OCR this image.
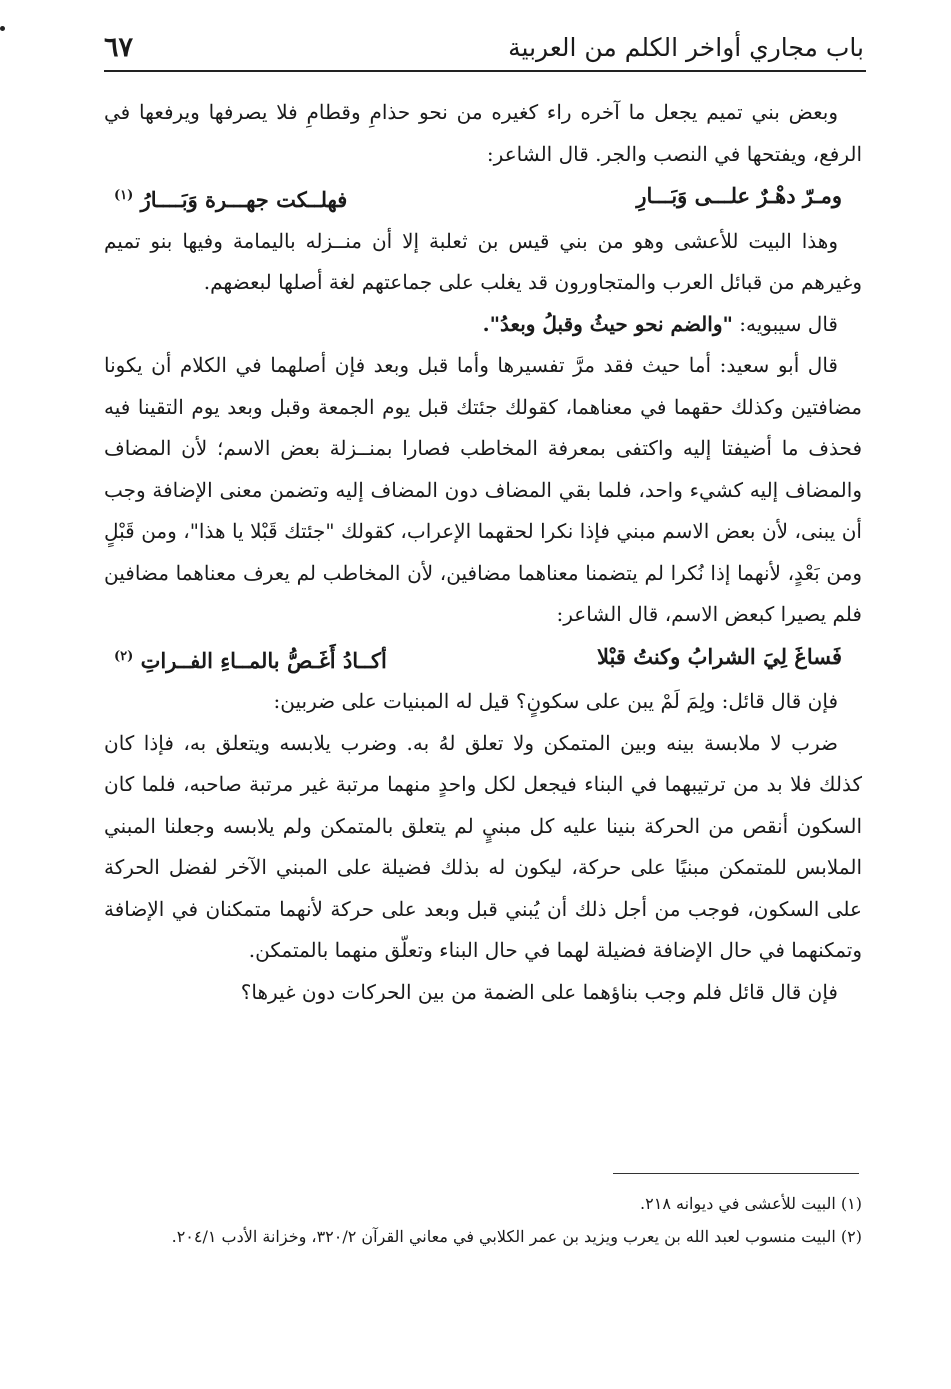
باب مجاري أواخر الكلم من العربية
٦٧

وبعض بني تميم يجعل ما آخره راء كغيره من نحو حذامِ وقطامِ فلا يصرفها ويرفعها في الرفع، ويفتحها في النصب والجر. قال الشاعر:

ومـرّ دهْـرٌ علـــى وَبَـــارِ
فهلــكت جهـــرة وَبَــــارُ $^{(١)}$

وهذا البيت للأعشى وهو من بني قيس بن ثعلبة إلا أن منــزله باليمامة وفيها بنو تميم وغيرهم من قبائل العرب والمتجاورون قد يغلب على جماعتهم لغة أصلها لبعضهم.

قال سيبويه: "والضم نحو حيثُ وقبلُ وبعدُ".

قال أبو سعيد: أما حيث فقد مرَّ تفسيرها وأما قبل وبعد فإن أصلهما في الكلام أن يكونا مضافتين وكذلك حقهما في معناهما، كقولك جئتك قبل يوم الجمعة وقبل وبعد يوم التقينا فيه فحذف ما أضيفتا إليه واكتفى بمعرفة المخاطب فصارا بمنــزلة بعض الاسم؛ لأن المضاف والمضاف إليه كشيء واحد، فلما بقي المضاف دون المضاف إليه وتضمن معنى الإضافة وجب أن يبنى، لأن بعض الاسم مبني فإذا نكرا لحقهما الإعراب، كقولك "جئتك قَبْلا يا هذا"، ومن قَبْلٍ ومن بَعْدٍ، لأنهما إذا نُكرا لم يتضمنا معناهما مضافين، لأن المخاطب لم يعرف معناهما مضافين فلم يصيرا كبعض الاسم، قال الشاعر:

فَساغَ لِيَ الشرابُ وكنتُ قبْلا
أكــادُ أَغَـصُّ بالمــاءِ الفــراتِ $^{(٢)}$

فإن قال قائل: ولِمَ لَمْ يبن على سكونٍ؟ قيل له المبنيات على ضربين:

ضرب لا ملابسة بينه وبين المتمكن ولا تعلق لهُ به. وضرب يلابسه ويتعلق به، فإذا كان كذلك فلا بد من ترتيبهما في البناء فيجعل لكل واحدٍ منهما مرتبة غير مرتبة صاحبه، فلما كان السكون أنقص من الحركة بنينا عليه كل مبنيٍ لم يتعلق بالمتمكن ولم يلابسه وجعلنا المبني الملابس للمتمكن مبنيًا على حركة، ليكون له بذلك فضيلة على المبني الآخر لفضل الحركة على السكون، فوجب من أجل ذلك أن يُبني قبل وبعد على حركة لأنهما متمكنان في الإضافة وتمكنهما في حال الإضافة فضيلة لهما في حال البناء وتعلّق منهما بالمتمكن.

فإن قال قائل فلم وجب بناؤهما على الضمة من بين الحركات دون غيرها؟

(١) البيت للأعشى في ديوانه ٢١٨.

(٢) البيت منسوب لعبد الله بن يعرب ويزيد بن عمر الكلابي في معاني القرآن ٣٢٠/٢، وخزانة الأدب ٢٠٤/١.
